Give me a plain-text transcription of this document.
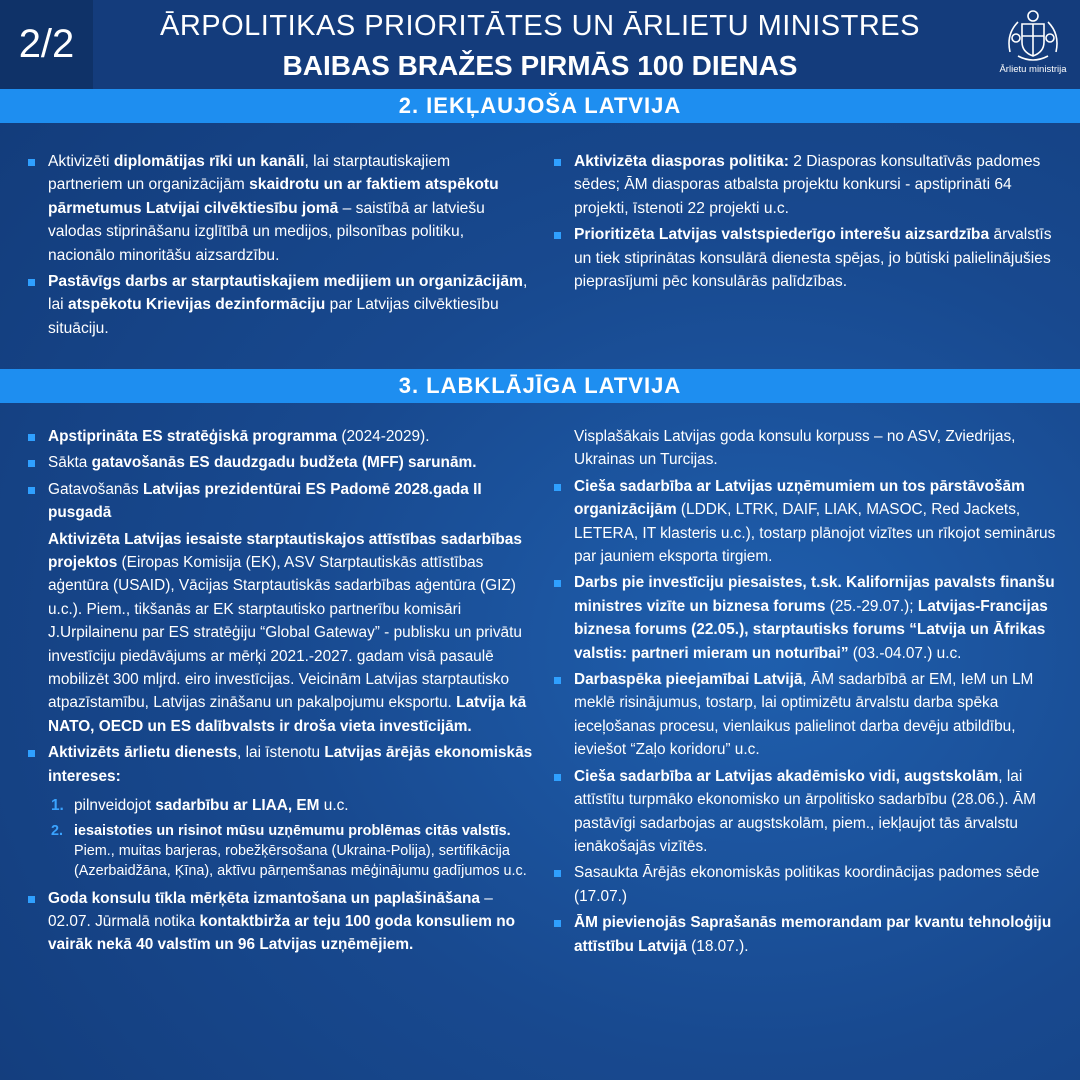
2/2	ĀRPOLITIKAS PRIORITĀTES UN ĀRLIETU MINISTRES
BAIBAS BRAŽES PIRMĀS 100 DIENAS	Ārlietu ministrija
2. IEKĻAUJOŠA LATVIJA
Aktivizēti diplomātijas rīki un kanāli, lai starptautiskajiem partneriem un organizācijām skaidrotu un ar faktiem atspēkotu pārmetumus Latvijai cilvēktiesību jomā – saistībā ar latviešu valodas stiprināšanu izglītībā un medijos, pilsonības politiku, nacionālo minoritāšu aizsardzību.
Pastāvīgs darbs ar starptautiskajiem medijiem un organizācijām, lai atspēkotu Krievijas dezinformāciju par Latvijas cilvēktiesību situāciju.
Aktivizēta diasporas politika: 2 Diasporas konsultatīvās padomes sēdes; ĀM diasporas atbalsta projektu konkursi - apstiprināti 64 projekti, īstenoti 22 projekti u.c.
Prioritizēta Latvijas valstspiederīgo interešu aizsardzība ārvalstīs un tiek stiprinātas konsulārā dienesta spējas, jo būtiski palielinājušies pieprasījumi pēc konsulārās palīdzības.
3. LABKLĀJĪGA LATVIJA
Apstiprināta ES stratēģiskā programma (2024-2029).
Sākta gatavošanās ES daudzgadu budžeta (MFF) sarunām.
Gatavošanās Latvijas prezidentūrai ES Padomē 2028.gada II pusgadā
Aktivizēta Latvijas iesaiste starptautiskajos attīstības sadarbības projektos (Eiropas Komisija (EK), ASV Starptautiskās attīstības aģentūra (USAID), Vācijas Starptautiskās sadarbības aģentūra (GIZ) u.c.). Piem., tikšanās ar EK starptautisko partnerību komisāri J.Urpilainenu par ES stratēģiju “Global Gateway” - publisku un privātu investīciju piedāvājums ar mērķi 2021.-2027. gadam visā pasaulē mobilizēt 300 mljrd. eiro investīcijas. Veicinām Latvijas starptautisko atpazīstamību, Latvijas zināšanu un pakalpojumu eksportu. Latvija kā NATO, OECD un ES dalībvalsts ir droša vieta investīcijām.
Aktivizēts ārlietu dienests, lai īstenotu Latvijas ārējās ekonomiskās intereses:
1. pilnveidojot sadarbību ar LIAA, EM u.c.
2. iesaistoties un risinot mūsu uzņēmumu problēmas citās valstīs. Piem., muitas barjeras, robežķērsošana (Ukraina-Polija), sertifikācija (Azerbaidžāna, Ķīna), aktīvu pārņemšanas mēģinājumu gadījumos u.c.
Goda konsulu tīkla mērķēta izmantošana un paplašināšana – 02.07. Jūrmalā notika kontaktbirža ar teju 100 goda konsuliem no vairāk nekā 40 valstīm un 96 Latvijas uzņēmējiem.
Visplašākais Latvijas goda konsulu korpuss – no ASV, Zviedrijas, Ukrainas un Turcijas.
Cieša sadarbība ar Latvijas uzņēmumiem un tos pārstāvošām organizācijām (LDDK, LTRK, DAIF, LIAK, MASOC, Red Jackets, LETERA, IT klasteris u.c.), tostarp plānojot vizītes un rīkojot seminārus par jauniem eksporta tirgiem.
Darbs pie investīciju piesaistes, t.sk. Kalifornijas pavalsts finanšu ministres vizīte un biznesa forums (25.-29.07.); Latvijas-Francijas biznesa forums (22.05.), starptautisks forums “Latvija un Āfrikas valstis: partneri mieram un noturībai” (03.-04.07.) u.c.
Darbaspēka pieejamībai Latvijā, ĀM sadarbībā ar EM, IeM un LM meklē risinājumus, tostarp, lai optimizētu ārvalstu darba spēka ieceļošanas procesu, vienlaikus palielinot darba devēju atbildību, ieviešot “Zaļo koridoru” u.c.
Cieša sadarbība ar Latvijas akadēmisko vidi, augstskolām, lai attīstītu turpmāko ekonomisko un ārpolitisko sadarbību (28.06.). ĀM pastāvīgi sadarbojas ar augstskolām, piem., iekļaujot tās ārvalstu ienākošajās vizītēs.
Sasaukta Ārējās ekonomiskās politikas koordinācijas padomes sēde (17.07.)
ĀM pievienojās Saprašanās memorandam par kvantu tehnoloģiju attīstību Latvijā (18.07.).
